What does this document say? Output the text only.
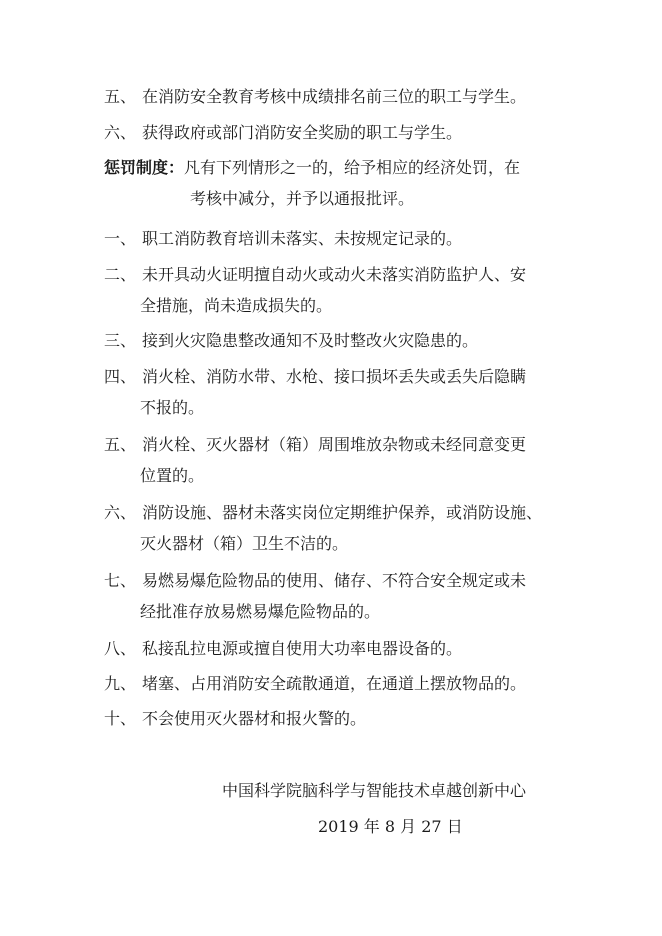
五、 在消防安全教育考核中成绩排名前三位的职工与学生。
六、 获得政府或部门消防安全奖励的职工与学生。
惩罚制度：凡有下列情形之一的，给予相应的经济处罚，在
考核中减分，并予以通报批评。
一、 职工消防教育培训未落实、未按规定记录的。
二、 未开具动火证明擅自动火或动火未落实消防监护人、安
全措施，尚未造成损失的。
三、 接到火灾隐患整改通知不及时整改火灾隐患的。
四、 消火栓、消防水带、水枪、接口损坏丢失或丢失后隐瞒
不报的。
五、 消火栓、灭火器材（箱）周围堆放杂物或未经同意变更
位置的。
六、 消防设施、器材未落实岗位定期维护保养，或消防设施、
灭火器材（箱）卫生不洁的。
七、 易燃易爆危险物品的使用、储存、不符合安全规定或未
经批准存放易燃易爆危险物品的。
八、 私接乱拉电源或擅自使用大功率电器设备的。
九、 堵塞、占用消防安全疏散通道，在通道上摆放物品的。
十、 不会使用灭火器材和报火警的。
中国科学院脑科学与智能技术卓越创新中心
2019 年 8 月 27 日
